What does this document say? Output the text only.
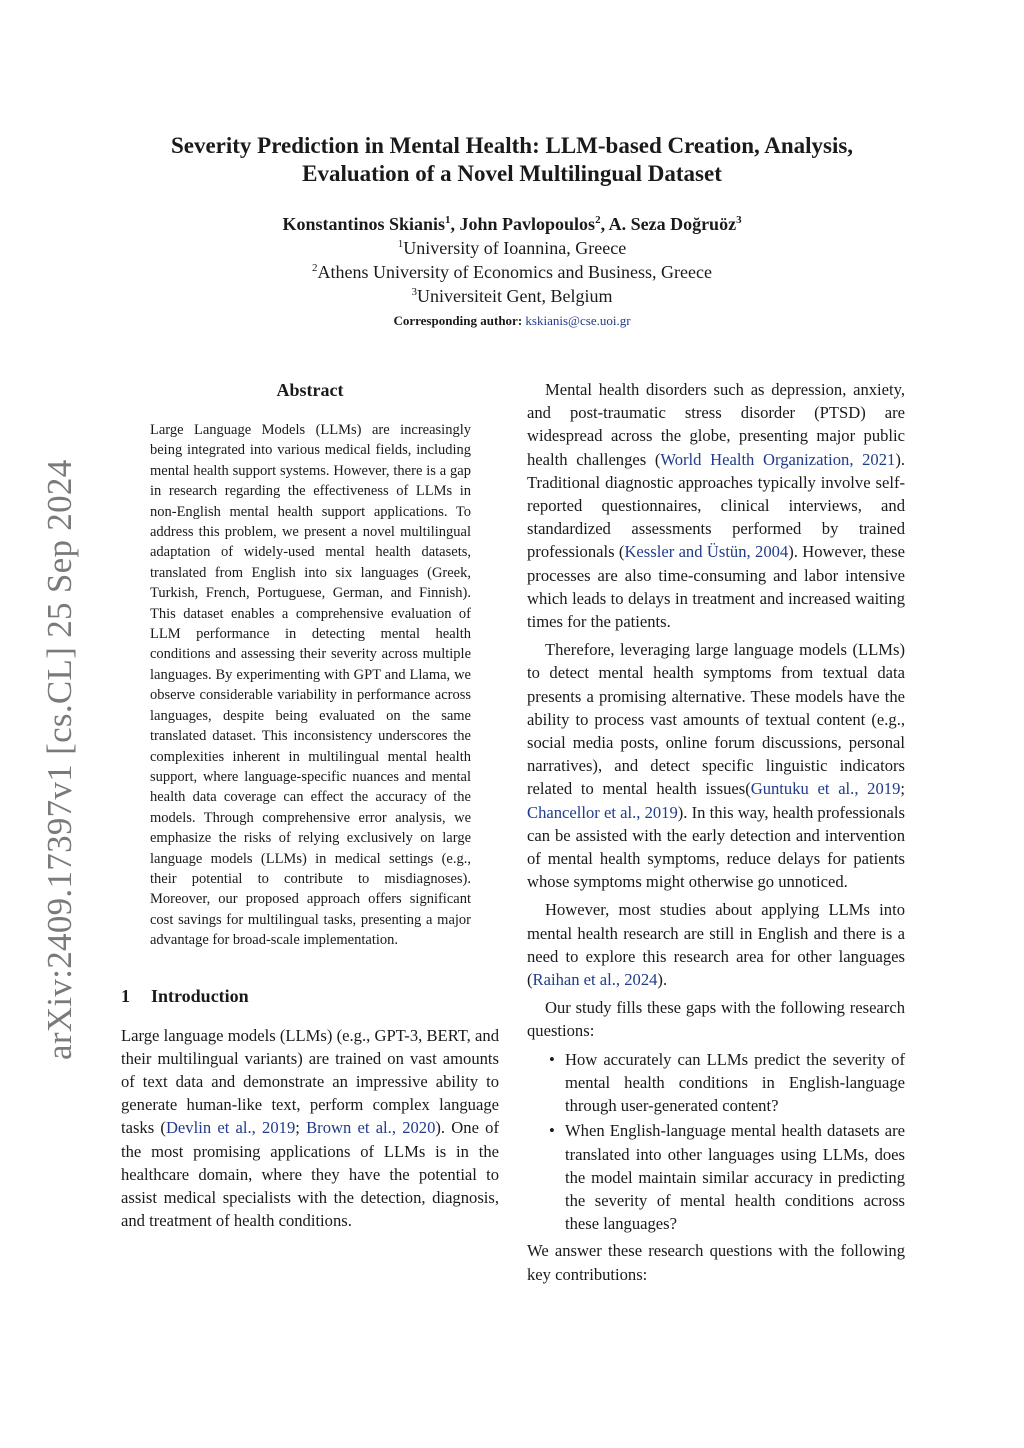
arXiv:2409.17397v1 [cs.CL] 25 Sep 2024
Severity Prediction in Mental Health: LLM-based Creation, Analysis,
Evaluation of a Novel Multilingual Dataset
Konstantinos Skianis$^1$, John Pavlopoulos$^2$, A. Seza Doğruöz$^3$
$^1$University of Ioannina, Greece
$^2$Athens University of Economics and Business, Greece
$^3$Universiteit Gent, Belgium
Corresponding author: kskianis@cse.uoi.gr
Abstract

Large Language Models (LLMs) are increasingly being integrated into various medical fields, including mental health support systems. However, there is a gap in research regarding the effectiveness of LLMs in non-English mental health support applications. To address this problem, we present a novel multilingual adaptation of widely-used mental health datasets, translated from English into six languages (Greek, Turkish, French, Portuguese, German, and Finnish). This dataset enables a comprehensive evaluation of LLM performance in detecting mental health conditions and assessing their severity across multiple languages. By experimenting with GPT and Llama, we observe considerable variability in performance across languages, despite being evaluated on the same translated dataset. This inconsistency underscores the complexities inherent in multilingual mental health support, where language-specific nuances and mental health data coverage can effect the accuracy of the models. Through comprehensive error analysis, we emphasize the risks of relying exclusively on large language models (LLMs) in medical settings (e.g., their potential to contribute to misdiagnoses). Moreover, our proposed approach offers significant cost savings for multilingual tasks, presenting a major advantage for broad-scale implementation.

1 Introduction

Large language models (LLMs) (e.g., GPT-3, BERT, and their multilingual variants) are trained on vast amounts of text data and demonstrate an impressive ability to generate human-like text, perform complex language tasks (Devlin et al., 2019; Brown et al., 2020). One of the most promising applications of LLMs is in the healthcare domain, where they have the potential to assist medical specialists with the detection, diagnosis, and treatment of health conditions.

Mental health disorders such as depression, anxiety, and post-traumatic stress disorder (PTSD) are widespread across the globe, presenting major public health challenges (World Health Organization, 2021). Traditional diagnostic approaches typically involve self-reported questionnaires, clinical interviews, and standardized assessments performed by trained professionals (Kessler and Üstün, 2004). However, these processes are also time-consuming and labor intensive which leads to delays in treatment and increased waiting times for the patients.

Therefore, leveraging large language models (LLMs) to detect mental health symptoms from textual data presents a promising alternative. These models have the ability to process vast amounts of textual content (e.g., social media posts, online forum discussions, personal narratives), and detect specific linguistic indicators related to mental health issues(Guntuku et al., 2019; Chancellor et al., 2019). In this way, health professionals can be assisted with the early detection and intervention of mental health symptoms, reduce delays for patients whose symptoms might otherwise go unnoticed.

However, most studies about applying LLMs into mental health research are still in English and there is a need to explore this research area for other languages (Raihan et al., 2024).

Our study fills these gaps with the following research questions:

• How accurately can LLMs predict the severity of mental health conditions in English-language through user-generated content?
• When English-language mental health datasets are translated into other languages using LLMs, does the model maintain similar accuracy in predicting the severity of mental health conditions across these languages?

We answer these research questions with the following key contributions:
